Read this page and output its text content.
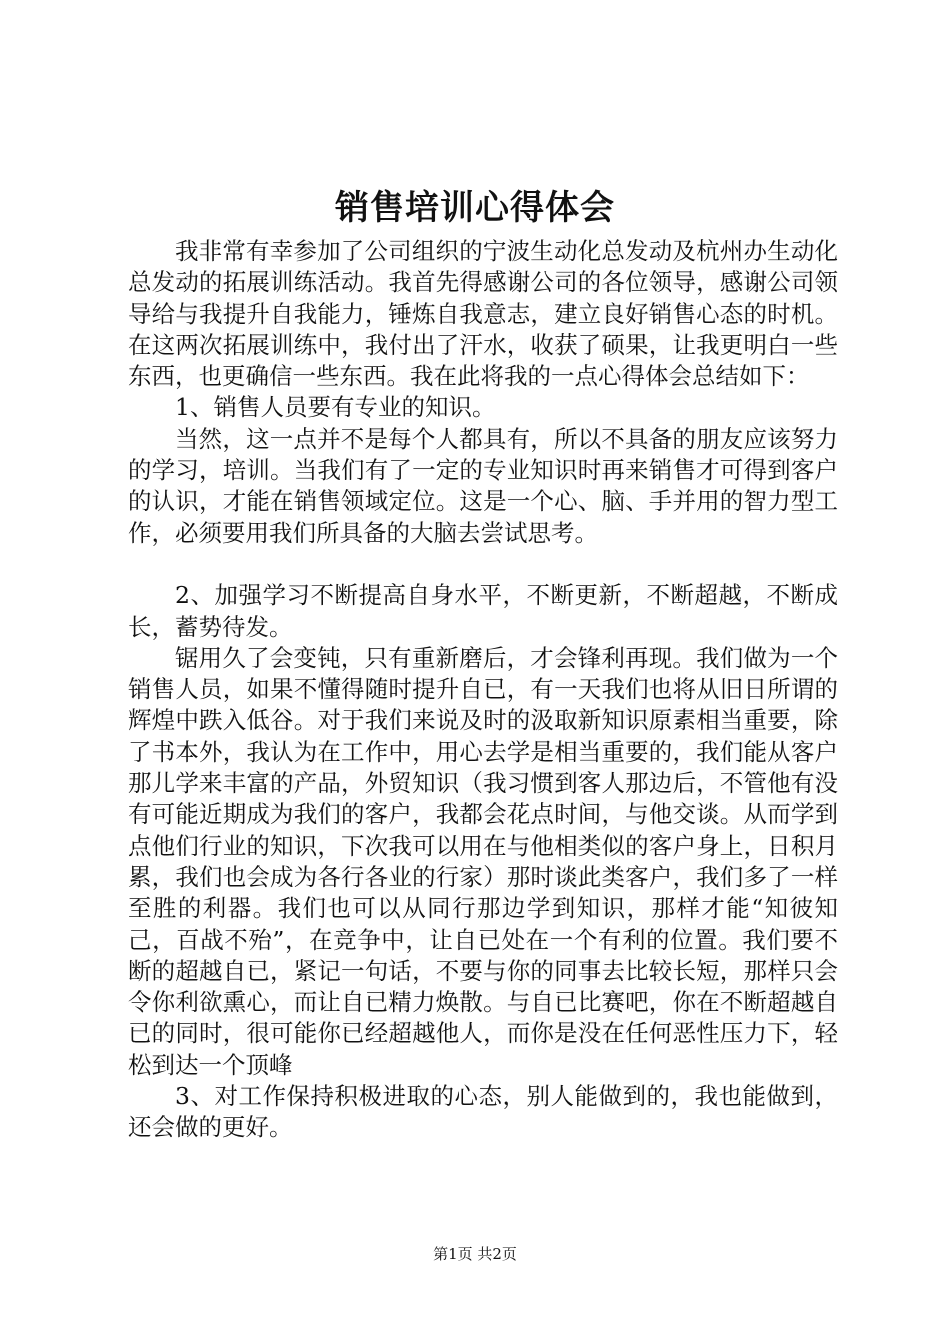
销售培训心得体会

我非常有幸参加了公司组织的宁波生动化总发动及杭州办生动化总发动的拓展训练活动。我首先得感谢公司的各位领导，感谢公司领导给与我提升自我能力，锤炼自我意志，建立良好销售心态的时机。在这两次拓展训练中，我付出了汗水，收获了硕果，让我更明白一些东西，也更确信一些东西。我在此将我的一点心得体会总结如下：

1、销售人员要有专业的知识。

当然，这一点并不是每个人都具有，所以不具备的朋友应该努力的学习，培训。当我们有了一定的专业知识时再来销售才可得到客户的认识，才能在销售领域定位。这是一个心、脑、手并用的智力型工作，必须要用我们所具备的大脑去尝试思考。

2、加强学习不断提高自身水平，不断更新，不断超越，不断成长，蓄势待发。

锯用久了会变钝，只有重新磨后，才会锋利再现。我们做为一个销售人员，如果不懂得随时提升自已，有一天我们也将从旧日所谓的辉煌中跌入低谷。对于我们来说及时的汲取新知识原素相当重要，除了书本外，我认为在工作中，用心去学是相当重要的，我们能从客户那儿学来丰富的产品，外贸知识（我习惯到客人那边后，不管他有没有可能近期成为我们的客户，我都会花点时间，与他交谈。从而学到点他们行业的知识，下次我可以用在与他相类似的客户身上，日积月累，我们也会成为各行各业的行家）那时谈此类客户，我们多了一样至胜的利器。我们也可以从同行那边学到知识，那样才能“知彼知己，百战不殆”，在竞争中，让自已处在一个有利的位置。我们要不断的超越自已，紧记一句话，不要与你的同事去比较长短，那样只会令你利欲熏心，而让自已精力焕散。与自已比赛吧，你在不断超越自已的同时，很可能你已经超越他人，而你是没在任何恶性压力下，轻松到达一个顶峰

3、对工作保持积极进取的心态，别人能做到的，我也能做到，还会做的更好。

第1页 共2页
